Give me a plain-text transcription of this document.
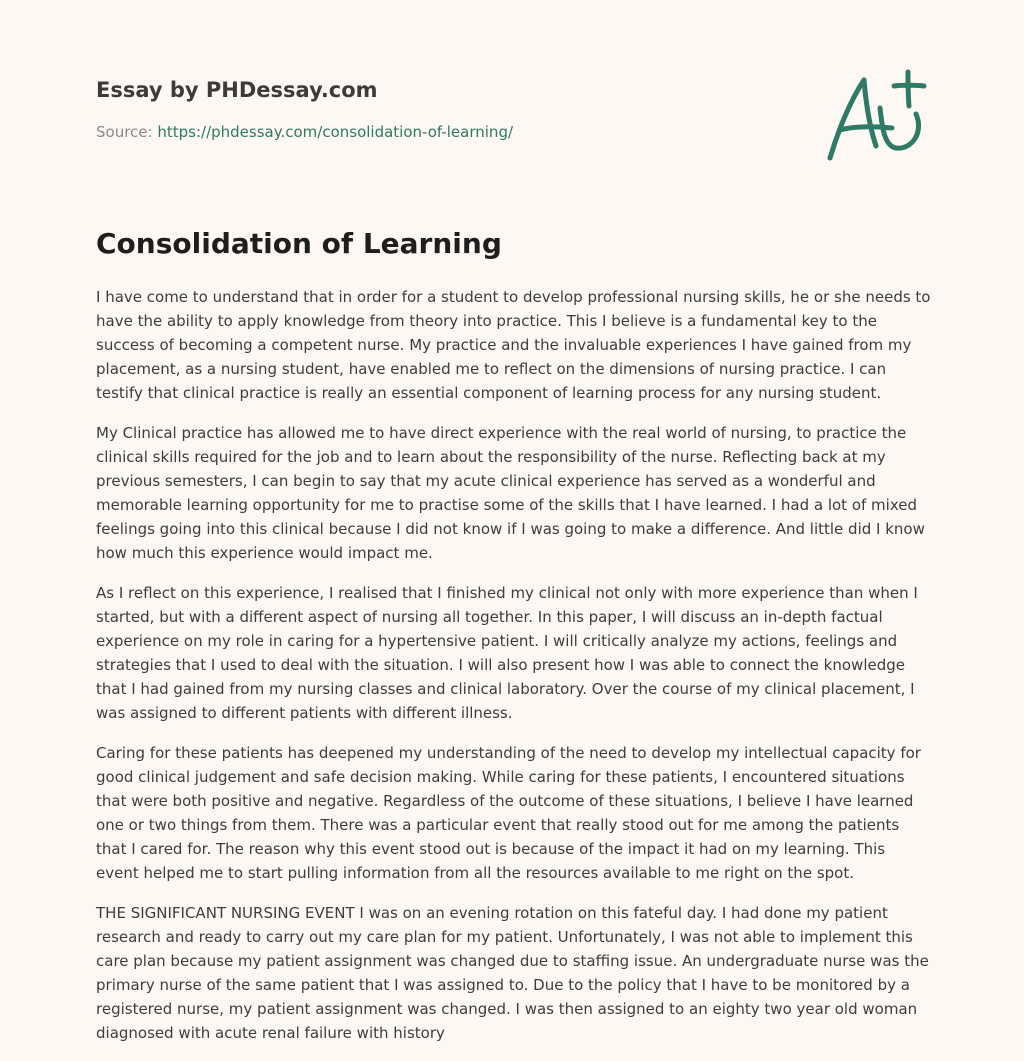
Essay by PHDessay.com
Source: https://phdessay.com/consolidation-of-learning/
Consolidation of Learning

I have come to understand that in order for a student to develop professional nursing skills, he or she needs to have the ability to apply knowledge from theory into practice. This I believe is a fundamental key to the success of becoming a competent nurse. My practice and the invaluable experiences I have gained from my placement, as a nursing student, have enabled me to reflect on the dimensions of nursing practice. I can testify that clinical practice is really an essential component of learning process for any nursing student.

My Clinical practice has allowed me to have direct experience with the real world of nursing, to practice the clinical skills required for the job and to learn about the responsibility of the nurse. Reflecting back at my previous semesters, I can begin to say that my acute clinical experience has served as a wonderful and memorable learning opportunity for me to practise some of the skills that I have learned. I had a lot of mixed feelings going into this clinical because I did not know if I was going to make a difference. And little did I know how much this experience would impact me.

As I reflect on this experience, I realised that I finished my clinical not only with more experience than when I started, but with a different aspect of nursing all together. In this paper, I will discuss an in-depth factual experience on my role in caring for a hypertensive patient. I will critically analyze my actions, feelings and strategies that I used to deal with the situation. I will also present how I was able to connect the knowledge that I had gained from my nursing classes and clinical laboratory. Over the course of my clinical placement, I was assigned to different patients with different illness.

Caring for these patients has deepened my understanding of the need to develop my intellectual capacity for good clinical judgement and safe decision making. While caring for these patients, I encountered situations that were both positive and negative. Regardless of the outcome of these situations, I believe I have learned one or two things from them. There was a particular event that really stood out for me among the patients that I cared for. The reason why this event stood out is because of the impact it had on my learning. This event helped me to start pulling information from all the resources available to me right on the spot.

THE SIGNIFICANT NURSING EVENT I was on an evening rotation on this fateful day. I had done my patient research and ready to carry out my care plan for my patient. Unfortunately, I was not able to implement this care plan because my patient assignment was changed due to staffing issue. An undergraduate nurse was the primary nurse of the same patient that I was assigned to. Due to the policy that I have to be monitored by a registered nurse, my patient assignment was changed. I was then assigned to an eighty two year old woman diagnosed with acute renal failure with history
